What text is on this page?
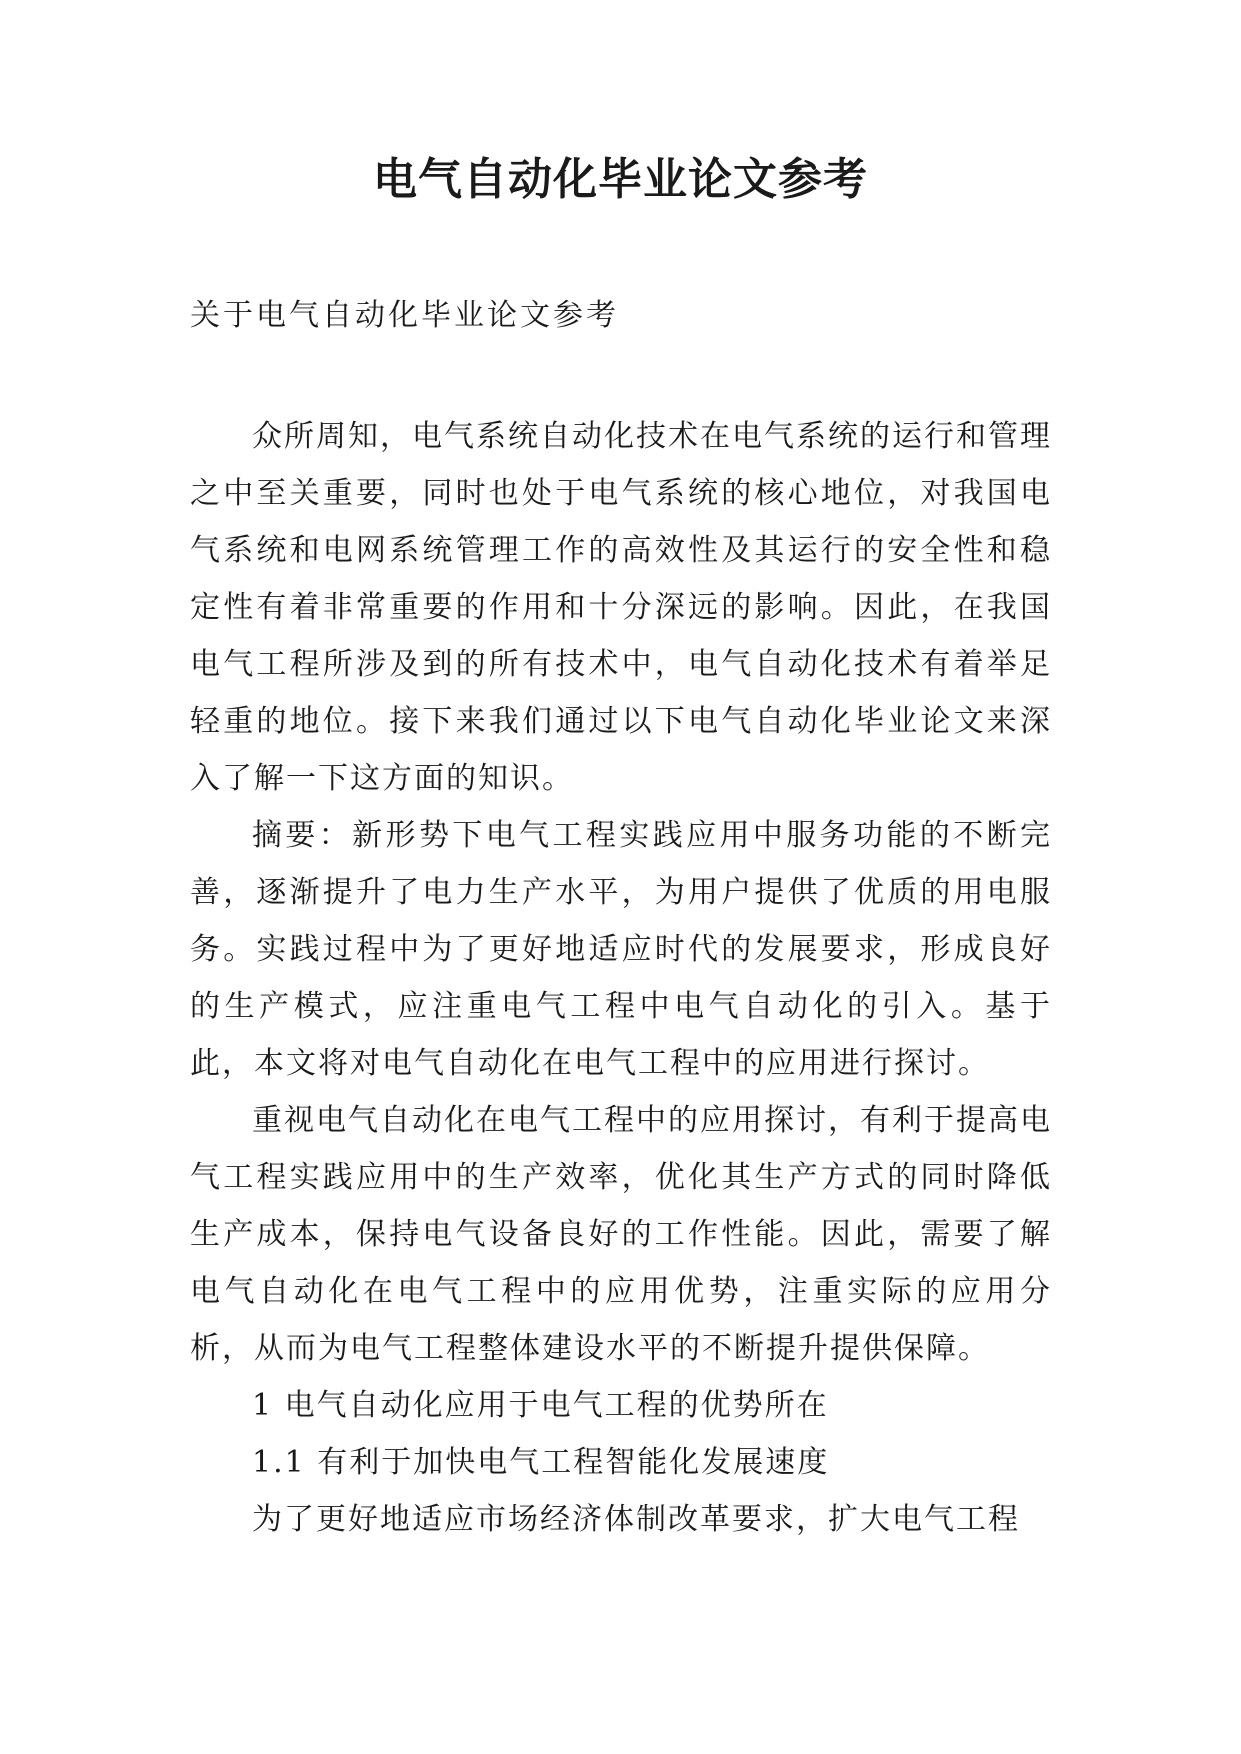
电气自动化毕业论文参考
关于电气自动化毕业论文参考

众所周知，电气系统自动化技术在电气系统的运行和管理之中至关重要，同时也处于电气系统的核心地位，对我国电气系统和电网系统管理工作的高效性及其运行的安全性和稳定性有着非常重要的作用和十分深远的影响。因此，在我国电气工程所涉及到的所有技术中，电气自动化技术有着举足轻重的地位。接下来我们通过以下电气自动化毕业论文来深入了解一下这方面的知识。

摘要：新形势下电气工程实践应用中服务功能的不断完善，逐渐提升了电力生产水平，为用户提供了优质的用电服务。实践过程中为了更好地适应时代的发展要求，形成良好的生产模式，应注重电气工程中电气自动化的引入。基于此，本文将对电气自动化在电气工程中的应用进行探讨。

重视电气自动化在电气工程中的应用探讨，有利于提高电气工程实践应用中的生产效率，优化其生产方式的同时降低生产成本，保持电气设备良好的工作性能。因此，需要了解电气自动化在电气工程中的应用优势，注重实际的应用分析，从而为电气工程整体建设水平的不断提升提供保障。

1 电气自动化应用于电气工程的优势所在

1.1 有利于加快电气工程智能化发展速度

为了更好地适应市场经济体制改革要求，扩大电气工程
